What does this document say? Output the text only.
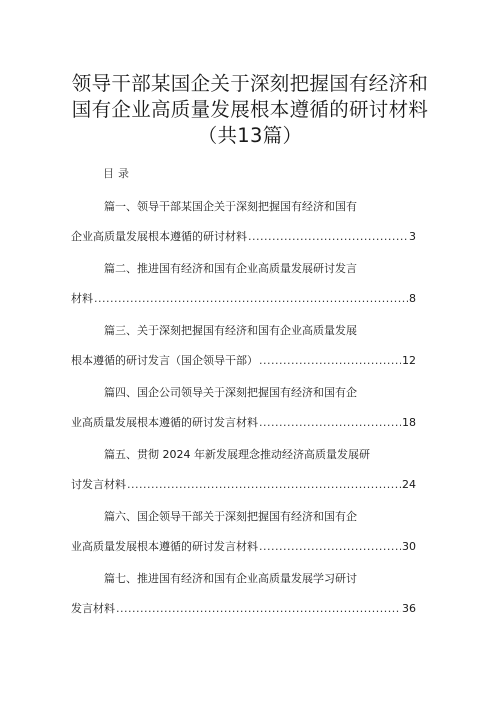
领导干部某国企关于深刻把握国有经济和
国有企业高质量发展根本遵循的研讨材料
（共13篇）
目录
篇一、领导干部某国企关于深刻把握国有经济和国有
企业高质量发展根本遵循的研讨材料 .....	3
篇二、推进国有经济和国有企业高质量发展研讨发言
材料 .....	8
篇三、关于深刻把握国有经济和国有企业高质量发展
根本遵循的研讨发言（国企领导干部） .....	12
篇四、国企公司领导关于深刻把握国有经济和国有企
业高质量发展根本遵循的研讨发言材料 .....	18
篇五、贯彻 2024 年新发展理念推动经济高质量发展研
讨发言材料 .....	24
篇六、国企领导干部关于深刻把握国有经济和国有企
业高质量发展根本遵循的研讨发言材料 .....	30
篇七、推进国有经济和国有企业高质量发展学习研讨
发言材料 .....	36
